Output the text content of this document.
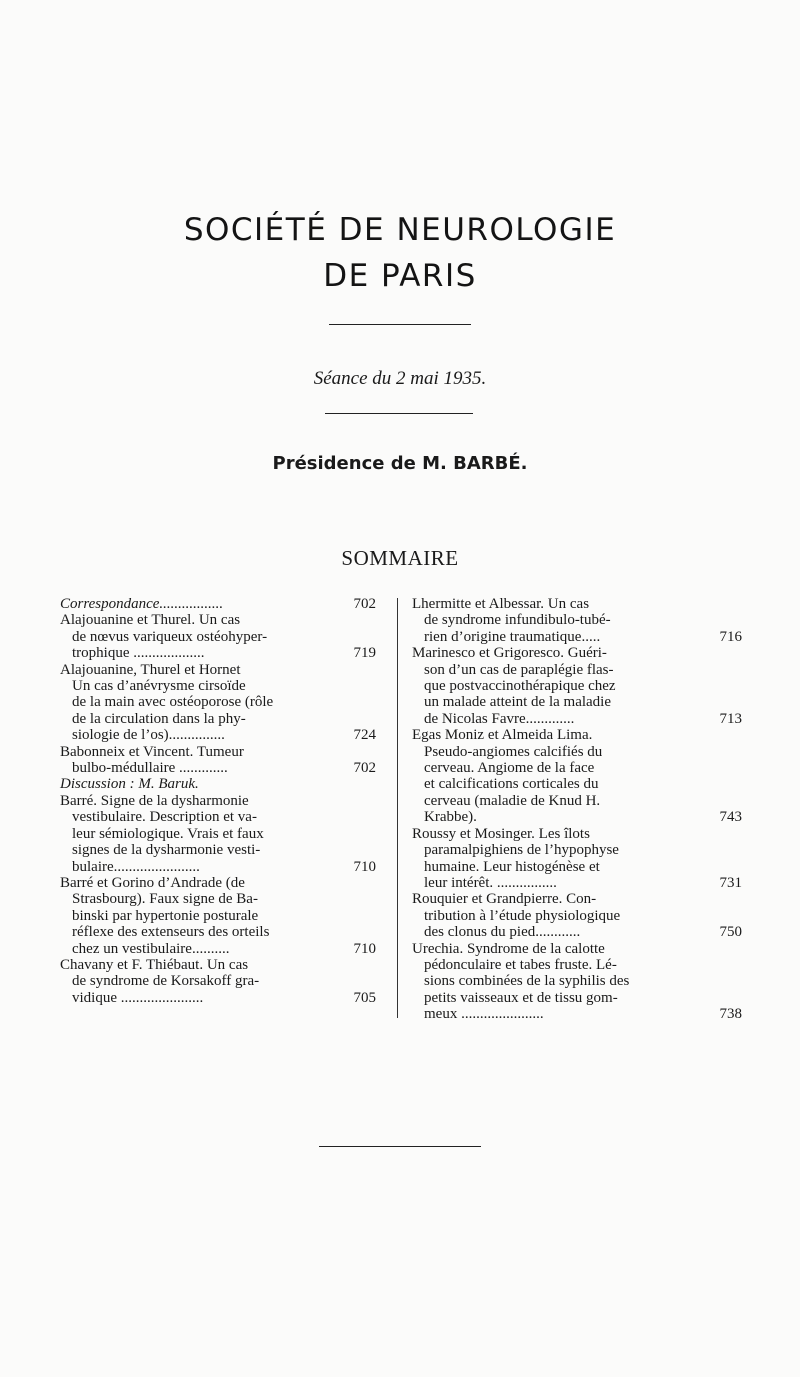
SOCIÉTÉ DE NEUROLOGIE
DE PARIS
Séance du 2 mai 1935.
Présidence de M. BARBÉ.
SOMMAIRE
Correspondance.................	702
Alajouanine et Thurel. Un cas
de nœvus variqueux ostéohyper-
trophique ...................	719
Alajouanine, Thurel et Hornet
Un cas d’anévrysme cirsoïde
de la main avec ostéoporose (rôle
de la circulation dans la phy-
siologie de l’os)...............	724
Babonneix et Vincent. Tumeur
bulbo-médullaire .............	702
Discussion : M. Baruk.
Barré. Signe de la dysharmonie
vestibulaire. Description et va-
leur sémiologique. Vrais et faux
signes de la dysharmonie vesti-
bulaire.......................	710
Barré et Gorino d’Andrade (de
Strasbourg). Faux signe de Ba-
binski par hypertonie posturale
réflexe des extenseurs des orteils
chez un vestibulaire..........	710
Chavany et F. Thiébaut. Un cas
de syndrome de Korsakoff gra-
vidique ......................	705
Lhermitte et Albessar. Un cas
de syndrome infundibulo-tubé-
rien d’origine traumatique.....	716
Marinesco et Grigoresco. Guéri-
son d’un cas de paraplégie flas-
que postvaccinothérapique chez
un malade atteint de la maladie
de Nicolas Favre.............	713
Egas Moniz et Almeida Lima.
Pseudo-angiomes calcifiés du
cerveau. Angiome de la face
et calcifications corticales du
cerveau (maladie de Knud H.
Krabbe).	743
Roussy et Mosinger. Les îlots
paramalpighiens de l’hypophyse
humaine. Leur histogénèse et
leur intérêt. ................	731
Rouquier et Grandpierre. Con-
tribution à l’étude physiologique
des clonus du pied............	750
Urechia. Syndrome de la calotte
pédonculaire et tabes fruste. Lé-
sions combinées de la syphilis des
petits vaisseaux et de tissu gom-
meux ......................	738
